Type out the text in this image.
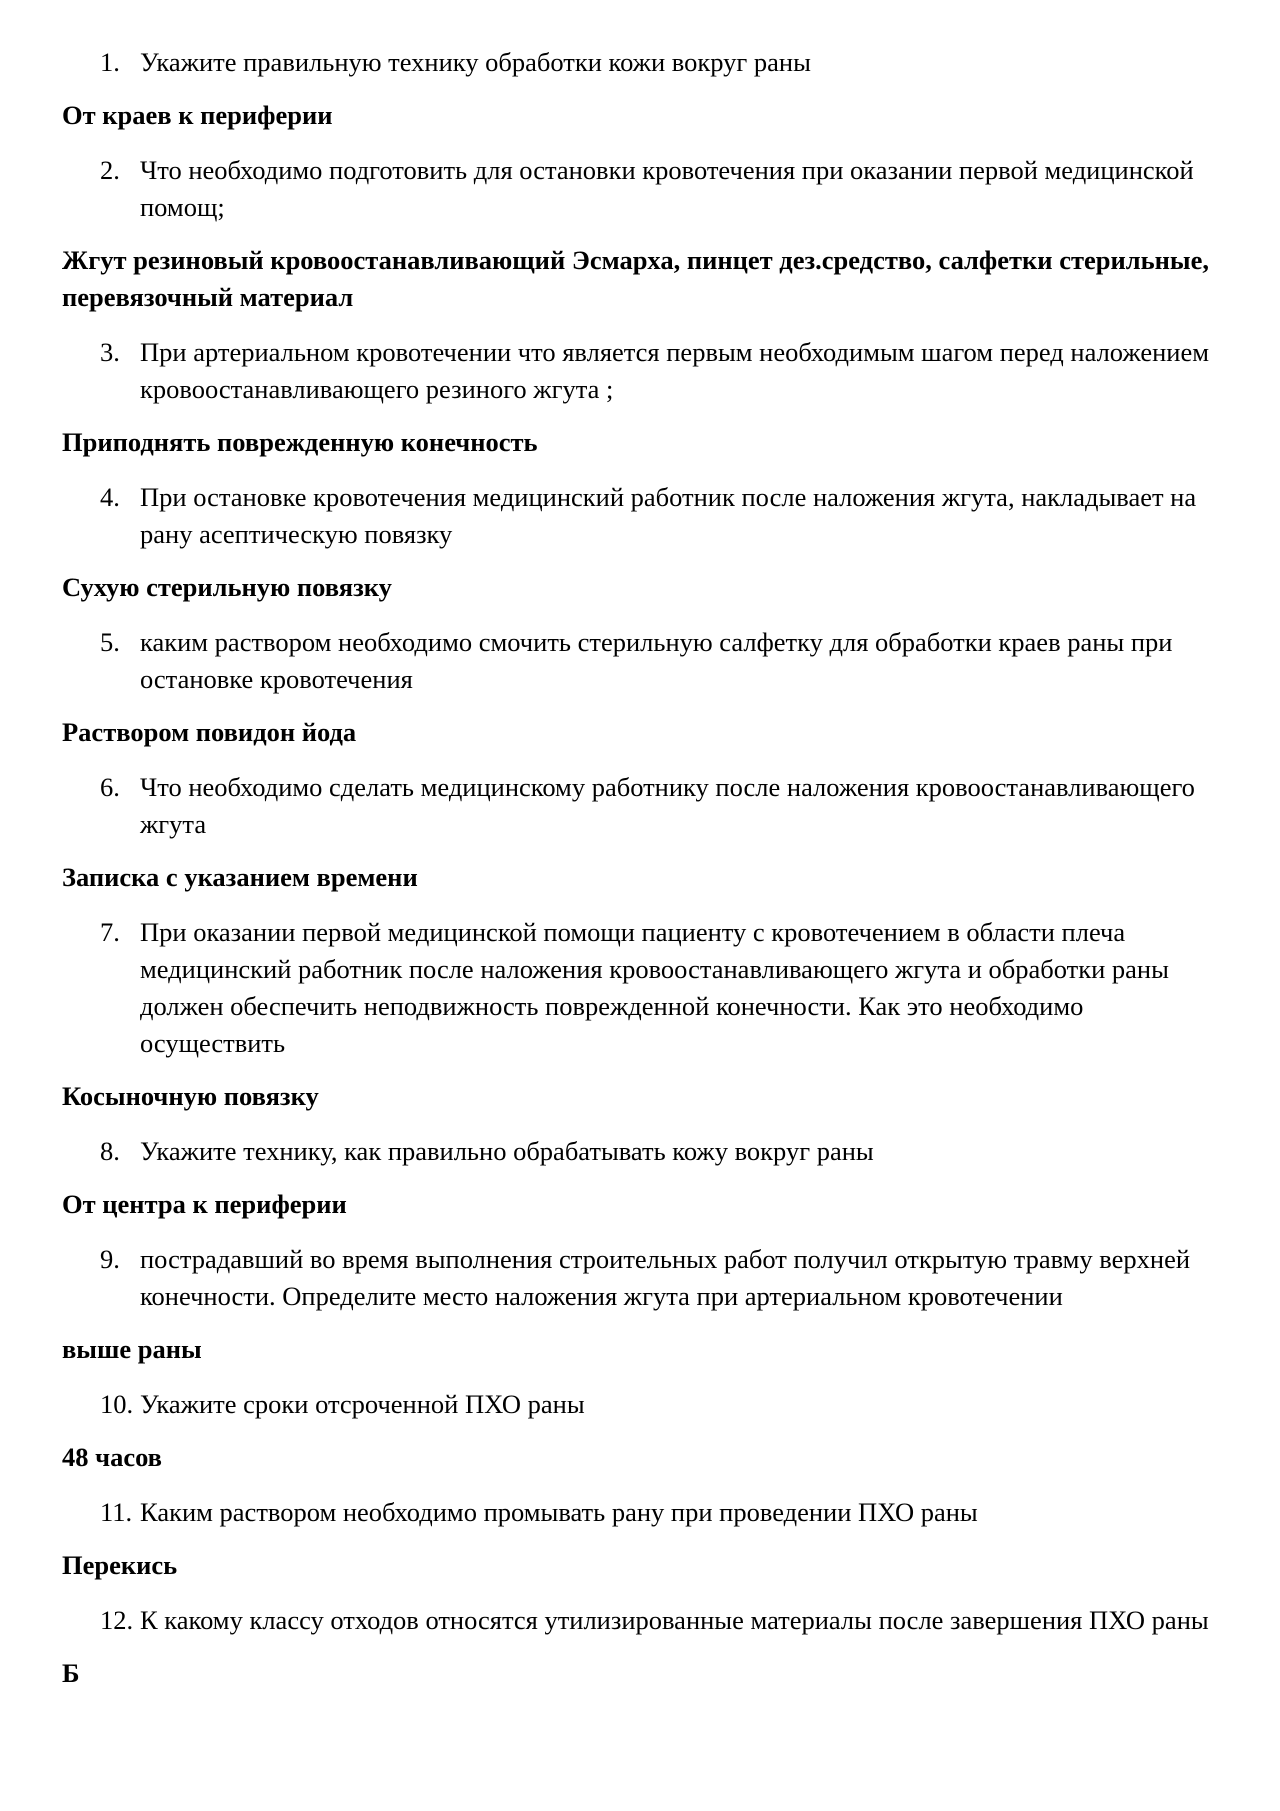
1. Укажите правильную технику обработки кожи вокруг раны
От краев к периферии
2. Что необходимо подготовить для остановки кровотечения при оказании первой медицинской помощ;
Жгут резиновый кровоостанавливающий Эсмарха, пинцет дез.средство, салфетки стерильные, перевязочный материал
3. При артериальном кровотечении что является первым необходимым шагом перед наложением кровоостанавливающего резиного жгута ;
Приподнять поврежденную конечность
4. При остановке кровотечения медицинский работник после наложения жгута, накладывает на рану асептическую повязку
Сухую стерильную повязку
5. каким раствором необходимо смочить стерильную салфетку для обработки краев раны при остановке кровотечения
Раствором повидон йода
6. Что необходимо сделать медицинскому работнику после наложения кровоостанавливающего жгута
Записка с указанием времени
7. При оказании первой медицинской помощи пациенту с кровотечением в области плеча медицинский работник после наложения кровоостанавливающего жгута и обработки раны должен обеспечить неподвижность поврежденной конечности. Как это необходимо осуществить
Косыночную повязку
8. Укажите технику, как правильно обрабатывать кожу вокруг раны
От центра к периферии
9. пострадавший во время выполнения строительных работ получил открытую травму верхней конечности. Определите место наложения жгута при артериальном кровотечении
выше раны
10. Укажите сроки отсроченной ПХО раны
48 часов
11. Каким раствором необходимо промывать рану при проведении ПХО раны
Перекись
12. К какому классу отходов относятся утилизированные материалы после завершения ПХО раны
Б
